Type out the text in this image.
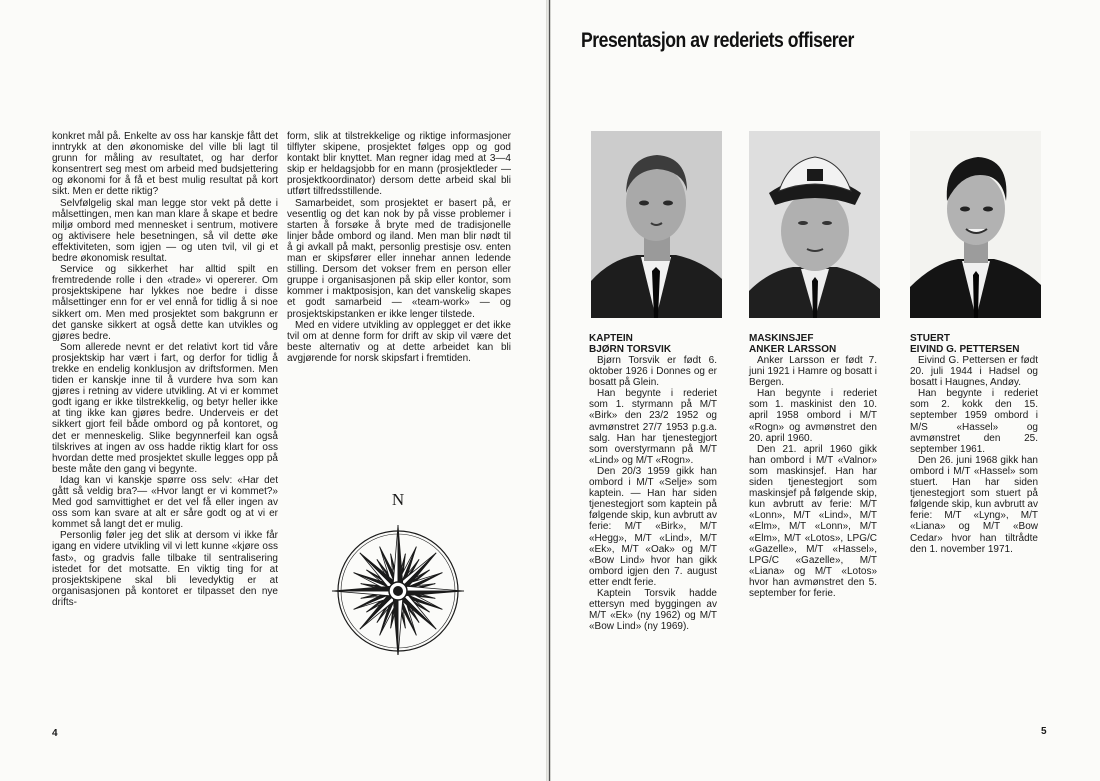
konkret mål på. Enkelte av oss har kanskje fått det inntrykk at den økonomiske del ville bli lagt til grunn for måling av resultatet, og har derfor konsentrert seg mest om arbeid med budsjettering og økonomi for å få et best mulig resultat på kort sikt. Men er dette riktig?

Selvfølgelig skal man legge stor vekt på dette i målsettingen, men kan man klare å skape et bedre miljø ombord med mennesket i sentrum, motivere og aktivisere hele besetningen, så vil dette øke effektiviteten, som igjen — og uten tvil, vil gi et bedre økonomisk resultat.

Service og sikkerhet har alltid spilt en fremtredende rolle i den «trade» vi opererer. Om prosjektskipene har lykkes noe bedre i disse målsettinger enn for er vel ennå for tidlig å si noe sikkert om. Men med prosjektet som bakgrunn er det ganske sikkert at også dette kan utvikles og gjøres bedre.

Som allerede nevnt er det relativt kort tid våre prosjektskip har vært i fart, og derfor for tidlig å trekke en endelig konklusjon av driftsformen. Men tiden er kanskje inne til å vurdere hva som kan gjøres i retning av videre utvikling. At vi er kommet godt igang er ikke tilstrekkelig, og betyr heller ikke at ting ikke kan gjøres bedre. Underveis er det sikkert gjort feil både ombord og på kontoret, og det er menneskelig. Slike begynnerfeil kan også tilskrives at ingen av oss hadde riktig klart for oss hvordan dette med prosjektet skulle legges opp på beste måte den gang vi begynte.

Idag kan vi kanskje spørre oss selv: «Har det gått så veldig bra?— «Hvor langt er vi kommet?» Med god samvittighet er det vel få eller ingen av oss som kan svare at alt er såre godt og at vi er kommet så langt det er mulig.

Personlig føler jeg det slik at dersom vi ikke får igang en videre utvikling vil vi lett kunne «kjøre oss fast», og gradvis falle tilbake til sentralisering istedet for det motsatte. En viktig ting for at prosjektskipene skal bli levedyktig er at organisasjonen på kontoret er tilpasset den nye drifts-

form, slik at tilstrekkelige og riktige informasjoner tilflyter skipene, prosjektet følges opp og god kontakt blir knyttet. Man regner idag med at 3—4 skip er heldagsjobb for en mann (prosjektleder — prosjektkoordinator) dersom dette arbeid skal bli utført tilfredsstillende.

Samarbeidet, som prosjektet er basert på, er vesentlig og det kan nok by på visse problemer i starten å forsøke å bryte med de tradisjonelle linjer både ombord og iland. Men man blir nødt til å gi avkall på makt, personlig prestisje osv. enten man er skipsfører eller innehar annen ledende stilling. Dersom det vokser frem en person eller gruppe i organisasjonen på skip eller kontor, som kommer i maktposisjon, kan det vanskelig skapes et godt samarbeid — «team-work» — og prosjektskipstanken er ikke lenger tilstede.

Med en videre utvikling av opplegget er det ikke tvil om at denne form for drift av skip vil være det beste alternativ og at dette arbeidet kan bli avgjørende for norsk skipsfart i fremtiden.

N
4
Presentasjon av rederiets offiserer
KAPTEIN
BJØRN TORSVIK

Bjørn Torsvik er født 6. oktober 1926 i Donnes og er bosatt på Glein.

Han begynte i rederiet som 1. styrmann på M/T «Birk» den 23/2 1952 og avmønstret 27/7 1953 p.g.a. salg. Han har tjenestegjort som overstyrmann på M/T «Lind» og M/T «Rogn».

Den 20/3 1959 gikk han ombord i M/T «Selje» som kaptein. — Han har siden tjenestegjort som kaptein på følgende skip, kun avbrutt av ferie: M/T «Birk», M/T «Hegg», M/T «Lind», M/T «Ek», M/T «Oak» og M/T «Bow Lind» hvor han gikk ombord igjen den 7. august etter endt ferie.

Kaptein Torsvik hadde ettersyn med byggingen av M/T «Ek» (ny 1962) og M/T «Bow Lind» (ny 1969).

MASKINSJEF
ANKER LARSSON

Anker Larsson er født 7. juni 1921 i Hamre og bosatt i Bergen.

Han begynte i rederiet som 1. maskinist den 10. april 1958 ombord i M/T «Rogn» og avmønstret den 20. april 1960.

Den 21. april 1960 gikk han ombord i M/T «Valnor» som maskinsjef. Han har siden tjenestegjort som maskinsjef på følgende skip, kun avbrutt av ferie: M/T «Lonn», M/T «Lind», M/T «Elm», M/T «Lonn», M/T «Elm», M/T «Lotos», LPG/C «Gazelle», M/T «Hassel», LPG/C «Gazelle», M/T «Liana» og M/T «Lotos» hvor han avmønstret den 5. september for ferie.

STUERT
EIVIND G. PETTERSEN

Eivind G. Pettersen er født 20. juli 1944 i Hadsel og bosatt i Haugnes, Andøy.

Han begynte i rederiet som 2. kokk den 15. september 1959 ombord i M/S «Hassel» og avmønstret den 25. september 1961.

Den 26. juni 1968 gikk han ombord i M/T «Hassel» som stuert. Han har siden tjenestegjort som stuert på følgende skip, kun avbrutt av ferie: M/T «Lyng», M/T «Liana» og M/T «Bow Cedar» hvor han tiltrådte den 1. november 1971.

5
